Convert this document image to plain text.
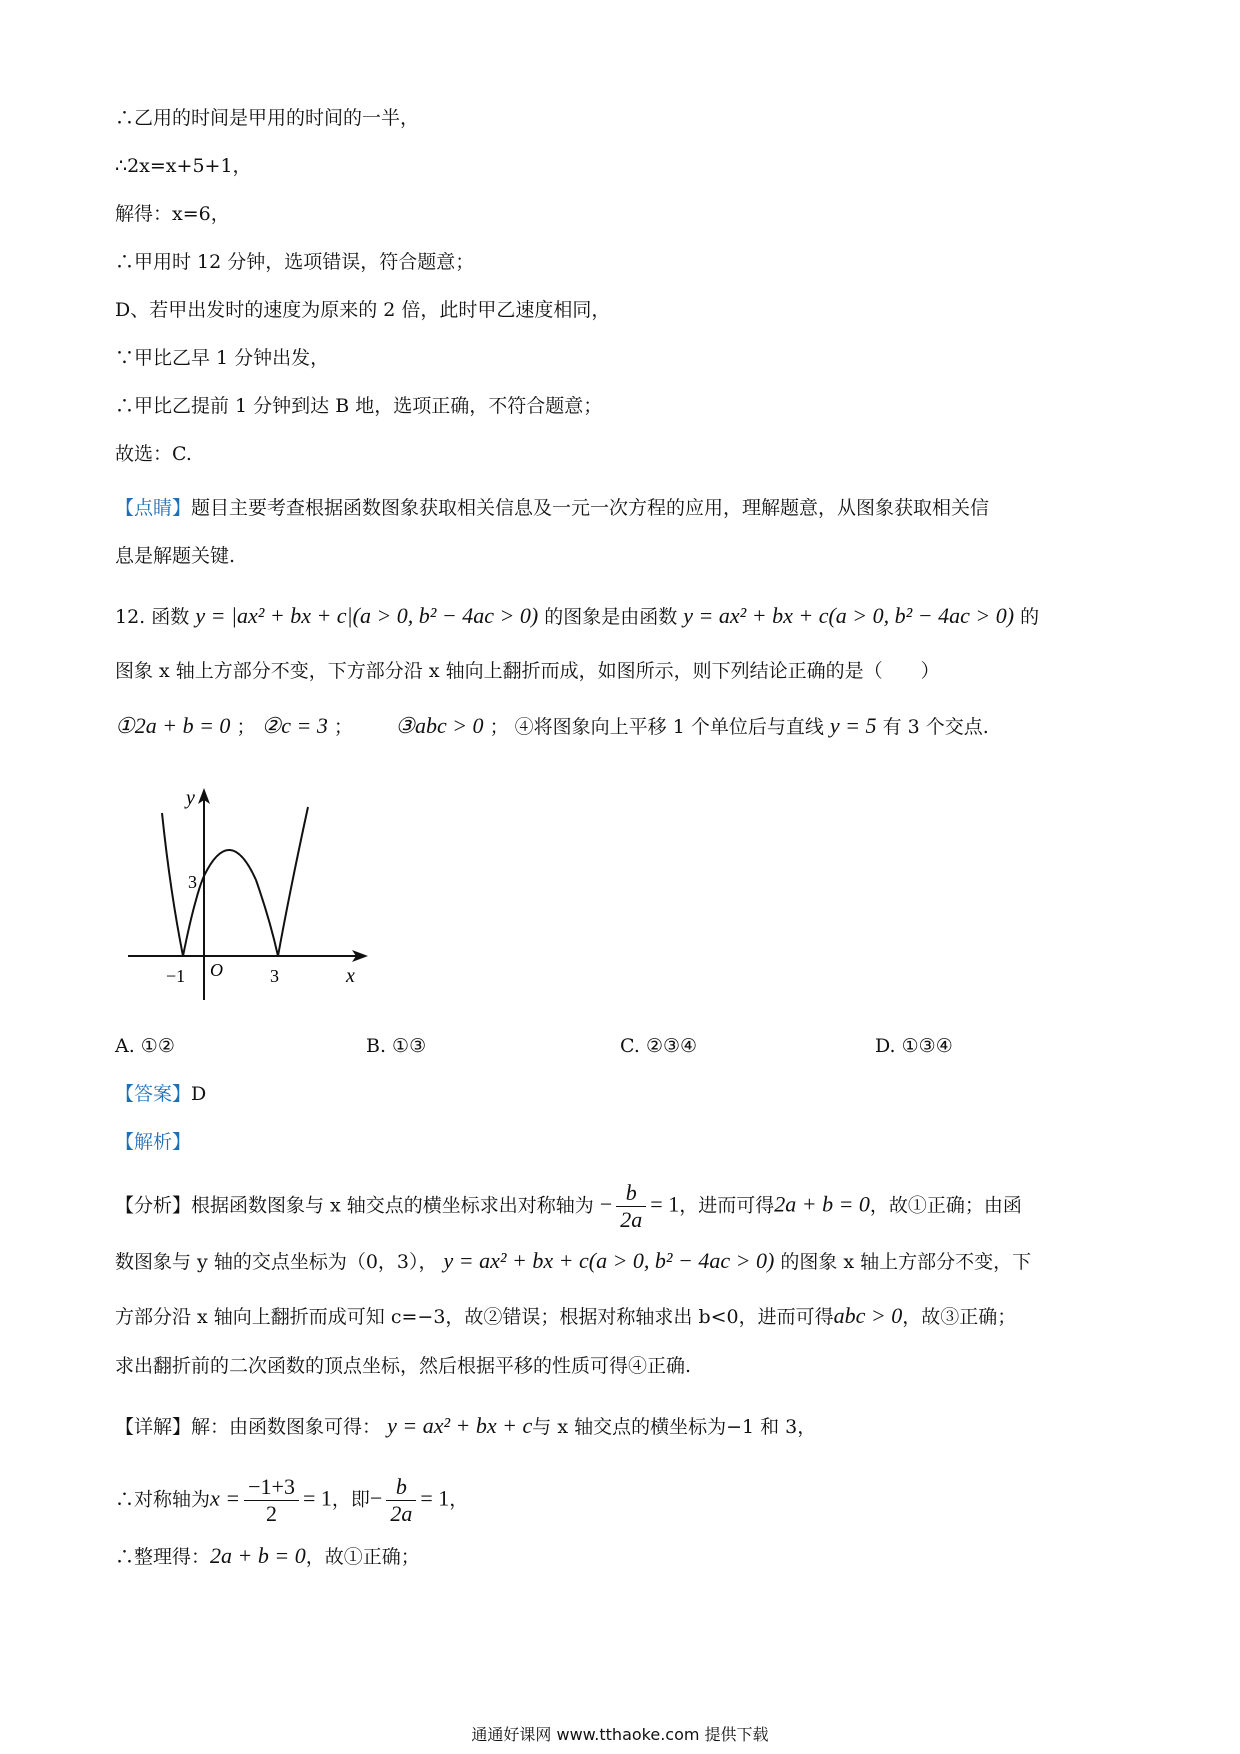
∴乙用的时间是甲用的时间的一半，
∴2x=x+5+1，
解得：x=6，
∴甲用时 12 分钟，选项错误，符合题意；
D、若甲出发时的速度为原来的 2 倍，此时甲乙速度相同，
∵甲比乙早 1 分钟出发，
∴甲比乙提前 1 分钟到达 B 地，选项正确，不符合题意；
故选：C.
【点睛】题目主要考查根据函数图象获取相关信息及一元一次方程的应用，理解题意，从图象获取相关信
息是解题关键.
12. 函数 y = |ax² + bx + c|(a > 0, b² − 4ac > 0) 的图象是由函数 y = ax² + bx + c(a > 0, b² − 4ac > 0) 的
图象 x 轴上方部分不变，下方部分沿 x 轴向上翻折而成，如图所示，则下列结论正确的是（　　）
①2a + b = 0 ； ②c = 3 ； ③abc > 0 ； ④将图象向上平移 1 个单位后与直线 y = 5 有 3 个交点.
y
x
O
−1	3
3
A. ①②	B. ①③	C. ②③④	D. ①③④
【答案】D
【解析】
【分析】根据函数图象与 x 轴交点的横坐标求出对称轴为 − $\frac{b}{2a} = 1$，进而可得2a + b = 0，故①正确；由函
数图象与 y 轴的交点坐标为（0，3）， y = ax² + bx + c(a > 0, b² − 4ac > 0) 的图象 x 轴上方部分不变，下
方部分沿 x 轴向上翻折而成可知 c=−3，故②错误；根据对称轴求出 b<0，进而可得abc > 0，故③正确；
求出翻折前的二次函数的顶点坐标，然后根据平移的性质可得④正确.
【详解】解：由函数图象可得： y = ax² + bx + c与 x 轴交点的横坐标为−1 和 3，
∴对称轴为$x = \frac{-1+3}{2} = 1$，即− $\frac{b}{2a} = 1$，
∴整理得：2a + b = 0，故①正确；
通通好课网 www.tthaoke.com 提供下载
